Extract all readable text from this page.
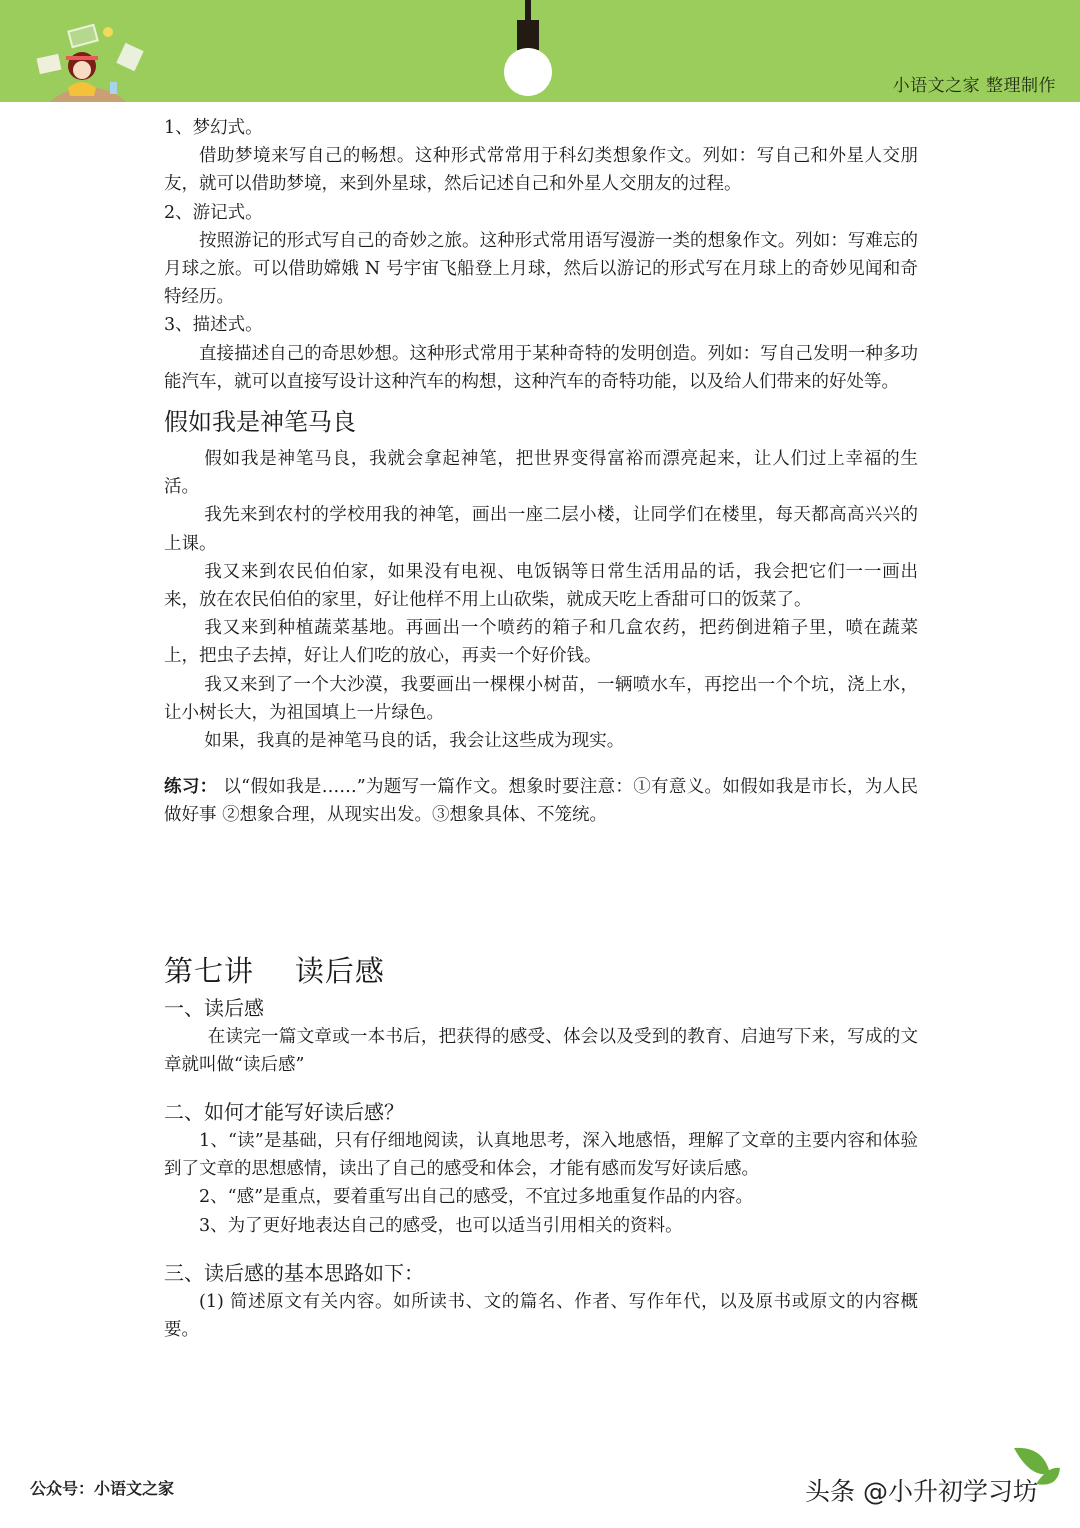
小语文之家 整理制作

1、梦幻式。

借助梦境来写自己的畅想。这种形式常常用于科幻类想象作文。列如：写自己和外星人交朋友，就可以借助梦境，来到外星球，然后记述自己和外星人交朋友的过程。

2、游记式。

按照游记的形式写自己的奇妙之旅。这种形式常用语写漫游一类的想象作文。列如：写难忘的月球之旅。可以借助嫦娥 N 号宇宙飞船登上月球，然后以游记的形式写在月球上的奇妙见闻和奇特经历。

3、描述式。

直接描述自己的奇思妙想。这种形式常用于某种奇特的发明创造。列如：写自己发明一种多功能汽车，就可以直接写设计这种汽车的构想，这种汽车的奇特功能，以及给人们带来的好处等。

假如我是神笔马良

假如我是神笔马良，我就会拿起神笔，把世界变得富裕而漂亮起来，让人们过上幸福的生活。

我先来到农村的学校用我的神笔，画出一座二层小楼，让同学们在楼里，每天都高高兴兴的上课。

我又来到农民伯伯家，如果没有电视、电饭锅等日常生活用品的话，我会把它们一一画出来，放在农民伯伯的家里，好让他样不用上山砍柴，就成天吃上香甜可口的饭菜了。

我又来到种植蔬菜基地。再画出一个喷药的箱子和几盒农药，把药倒进箱子里，喷在蔬菜上，把虫子去掉，好让人们吃的放心，再卖一个好价钱。

我又来到了一个大沙漠，我要画出一棵棵小树苗，一辆喷水车，再挖出一个个坑，浇上水，让小树长大，为祖国填上一片绿色。

如果，我真的是神笔马良的话，我会让这些成为现实。

练习： 以“假如我是……”为题写一篇作文。想象时要注意：①有意义。如假如我是市长，为人民做好事 ②想象合理，从现实出发。③想象具体、不笼统。

第七讲    读后感

一、读后感

在读完一篇文章或一本书后，把获得的感受、体会以及受到的教育、启迪写下来，写成的文章就叫做“读后感”

二、如何才能写好读后感？

1、“读”是基础，只有仔细地阅读，认真地思考，深入地感悟，理解了文章的主要内容和体验到了文章的思想感情，读出了自己的感受和体会，才能有感而发写好读后感。

2、“感”是重点，要着重写出自己的感受，不宜过多地重复作品的内容。

3、为了更好地表达自己的感受，也可以适当引用相关的资料。

三、读后感的基本思路如下：

(1) 简述原文有关内容。如所读书、文的篇名、作者、写作年代，以及原书或原文的内容概要。

公众号：小语文之家	头条 @小升初学习坊
